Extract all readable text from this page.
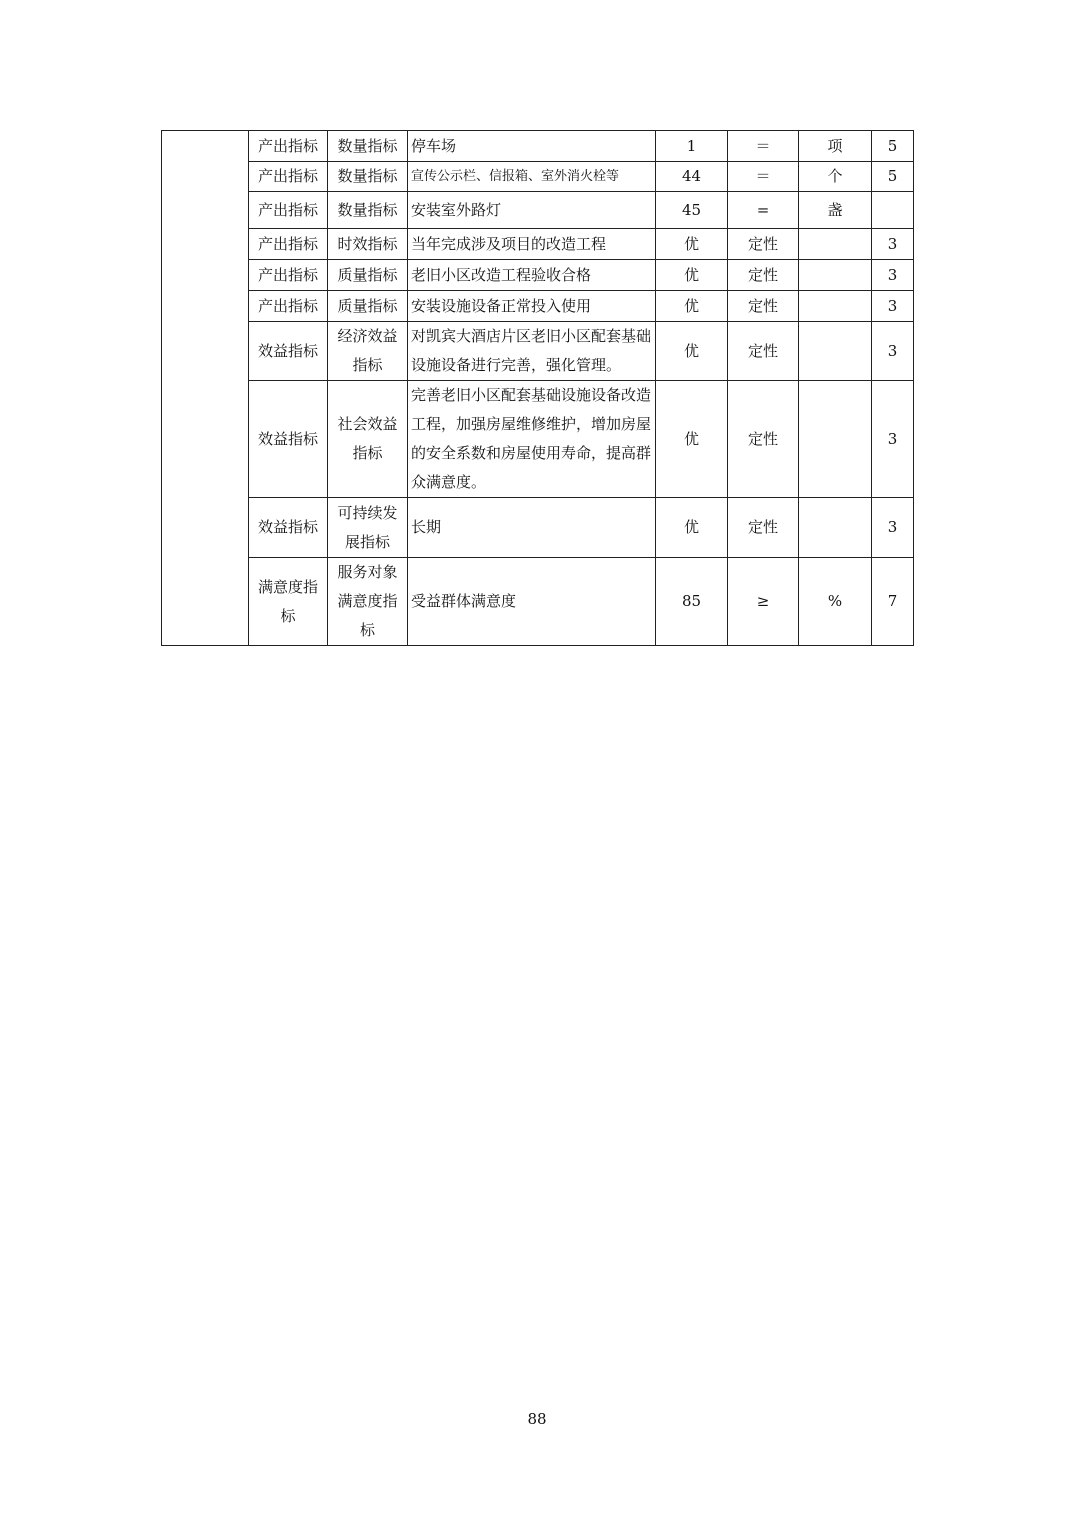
	产出指标	数量指标	停车场	1	＝	项	5
	产出指标	数量指标	宣传公示栏、信报箱、室外消火栓等	44	＝	个	5
	产出指标	数量指标	安装室外路灯	45	=	盏	
	产出指标	时效指标	当年完成涉及项目的改造工程	优	定性		3
	产出指标	质量指标	老旧小区改造工程验收合格	优	定性		3
	产出指标	质量指标	安装设施设备正常投入使用	优	定性		3
	效益指标	经济效益指标	对凯宾大酒店片区老旧小区配套基础设施设备进行完善，强化管理。	优	定性		3
	效益指标	社会效益指标	完善老旧小区配套基础设施设备改造工程，加强房屋维修维护，增加房屋的安全系数和房屋使用寿命，提高群众满意度。	优	定性		3
	效益指标	可持续发展指标	长期	优	定性		3
	满意度指标	服务对象满意度指标	受益群体满意度	85	≥	%	7
88
